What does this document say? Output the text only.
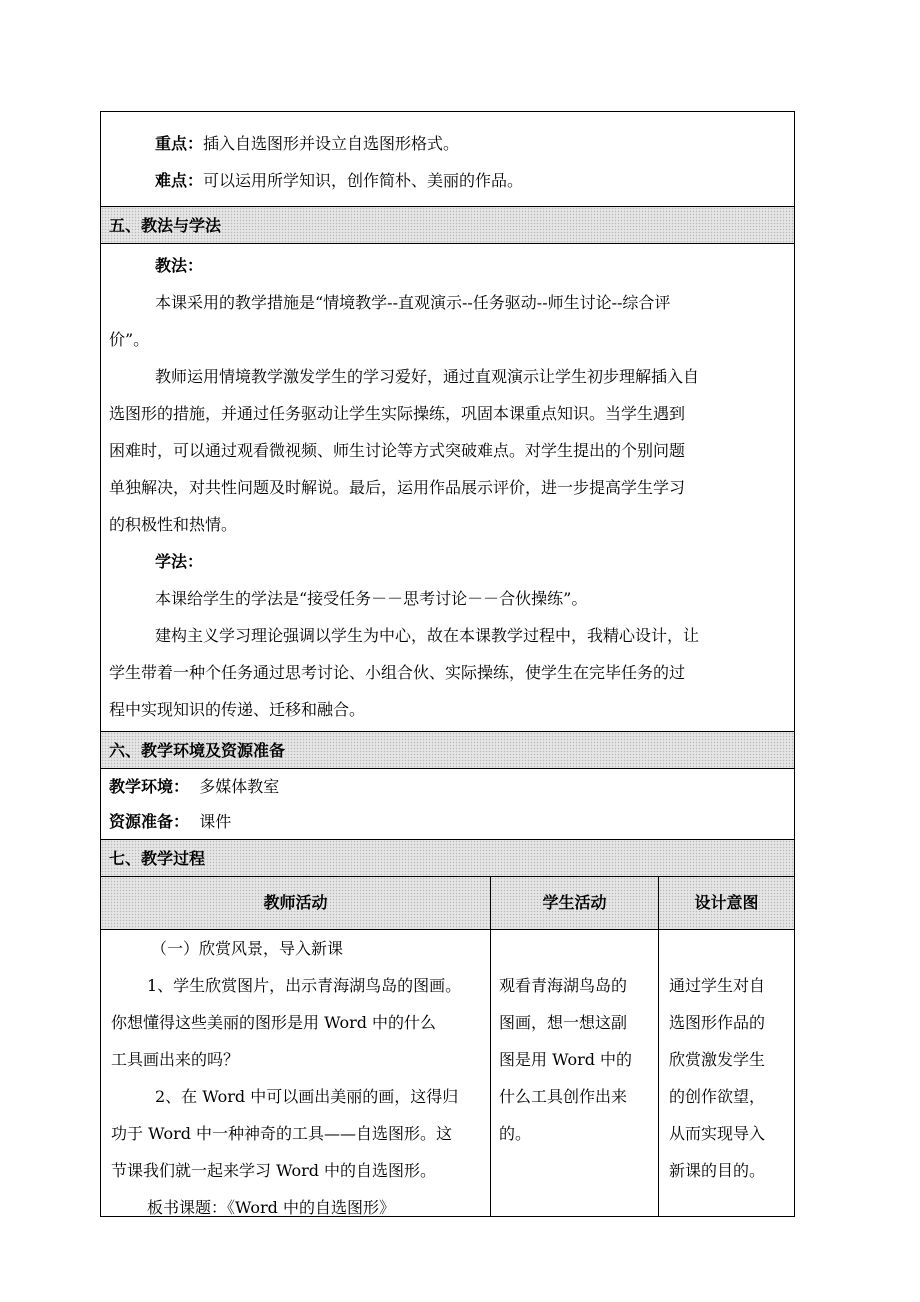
重点：插入自选图形并设立自选图形格式。

难点：可以运用所学知识，创作简朴、美丽的作品。

五、教法与学法

教法：

本课采用的教学措施是“情境教学--直观演示--任务驱动--师生讨论--综合评

价”。

教师运用情境教学激发学生的学习爱好，通过直观演示让学生初步理解插入自

选图形的措施，并通过任务驱动让学生实际操练，巩固本课重点知识。当学生遇到

困难时，可以通过观看微视频、师生讨论等方式突破难点。对学生提出的个别问题

单独解决，对共性问题及时解说。最后，运用作品展示评价，进一步提高学生学习

的积极性和热情。

学法：

本课给学生的学法是“接受任务－－思考讨论－－合伙操练”。

建构主义学习理论强调以学生为中心，故在本课教学过程中，我精心设计，让

学生带着一种个任务通过思考讨论、小组合伙、实际操练，使学生在完毕任务的过

程中实现知识的传递、迁移和融合。

六、教学环境及资源准备

教学环境： 多媒体教室

资源准备： 课件

七、教学过程
教师活动	学生活动	设计意图

（一）欣赏风景，导入新课

1、学生欣赏图片，出示青海湖鸟岛的图画。

你想懂得这些美丽的图形是用 Word 中的什么

工具画出来的吗？

2、在 Word 中可以画出美丽的画，这得归

功于 Word 中一种神奇的工具——自选图形。这

节课我们就一起来学习 Word 中的自选图形。

板书课题：《Word 中的自选图形》

观看青海湖鸟岛的

图画，想一想这副

图是用 Word 中的

什么工具创作出来

的。

通过学生对自

选图形作品的

欣赏激发学生

的创作欲望，

从而实现导入

新课的目的。
